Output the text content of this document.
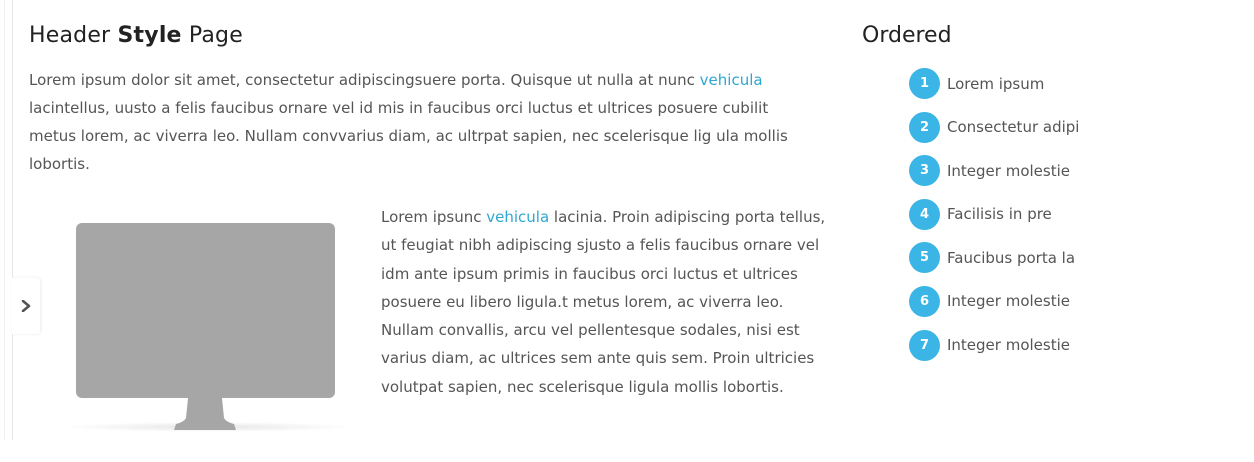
Header Style Page

Lorem ipsum dolor sit amet, consectetur adipiscingsuere porta. Quisque ut nulla at nunc vehicula lacintellus, uusto a felis faucibus ornare vel id mis in faucibus orci luctus et ultrices posuere cubilit metus lorem, ac viverra leo. Nullam convvarius diam, ac ultrpat sapien, nec scelerisque lig ula mollis lobortis.

Lorem ipsunc vehicula lacinia. Proin adipiscing porta tellus, ut feugiat nibh adipiscing sjusto a felis faucibus ornare vel idm ante ipsum primis in faucibus orci luctus et ultrices posuere eu libero ligula.t metus lorem, ac viverra leo. Nullam convallis, arcu vel pellentesque sodales, nisi est varius diam, ac ultrices sem ante quis sem. Proin ultricies volutpat sapien, nec scelerisque ligula mollis lobortis.

Ordered
1	Lorem ipsum
2	Consectetur adipi
3	Integer molestie
4	Facilisis in pre
5	Faucibus porta la
6	Integer molestie
7	Integer molestie
